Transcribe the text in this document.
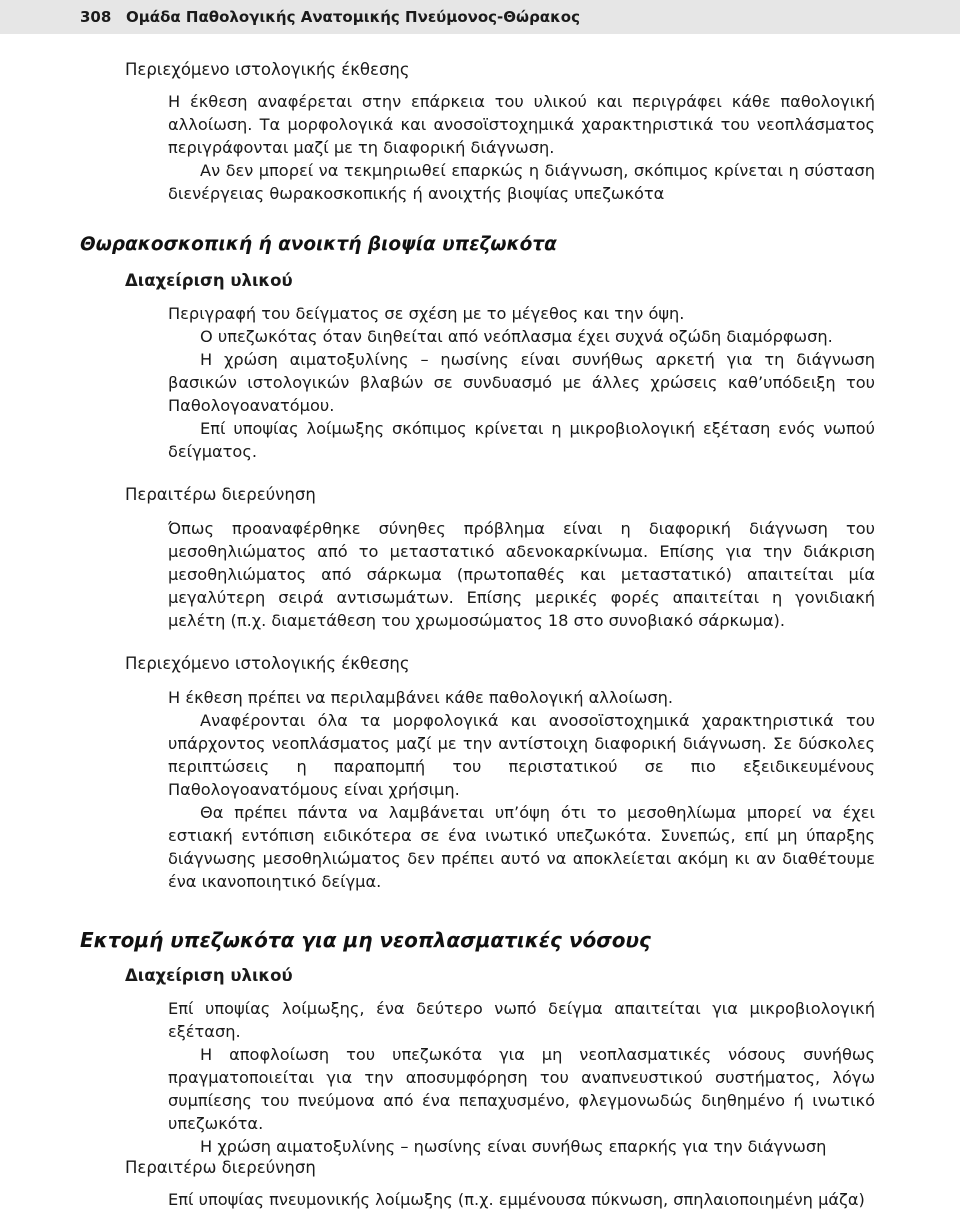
308 Ομάδα Παθολογικής Ανατομικής Πνεύμονος-Θώρακος
Περιεχόμενο ιστολογικής έκθεσης

Η έκθεση αναφέρεται στην επάρκεια του υλικού και περιγράφει κάθε παθολογική αλλοίωση. Τα μορφολογικά και ανοσοϊστοχημικά χαρακτηριστικά του νεοπλάσματος περιγράφονται μαζί με τη διαφορική διάγνωση.

Αν δεν μπορεί να τεκμηριωθεί επαρκώς η διάγνωση, σκόπιμος κρίνεται η σύσταση διενέργειας θωρακοσκοπικής ή ανοιχτής βιοψίας υπεζωκότα

Θωρακοσκοπική ή ανοικτή βιοψία υπεζωκότα
Διαχείριση υλικού

Περιγραφή του δείγματος σε σχέση με το μέγεθος και την όψη.

Ο υπεζωκότας όταν διηθείται από νεόπλασμα έχει συχνά οζώδη διαμόρφωση.

Η χρώση αιματοξυλίνης – ηωσίνης είναι συνήθως αρκετή για τη διάγνωση βασικών ιστολογικών βλαβών σε συνδυασμό με άλλες χρώσεις καθ’υπόδειξη του Παθολογοανατόμου.

Επί υποψίας λοίμωξης σκόπιμος κρίνεται η μικροβιολογική εξέταση ενός νωπού δείγματος.

Περαιτέρω διερεύνηση

Όπως προαναφέρθηκε σύνηθες πρόβλημα είναι η διαφορική διάγνωση του μεσοθηλιώματος από το μεταστατικό αδενοκαρκίνωμα. Επίσης για την διάκριση μεσοθηλιώματος από σάρκωμα (πρωτοπαθές και μεταστατικό) απαιτείται μία μεγαλύτερη σειρά αντισωμάτων. Επίσης μερικές φορές απαιτείται η γονιδιακή μελέτη (π.χ. διαμετάθεση του χρωμοσώματος 18 στο συνοβιακό σάρκωμα).

Περιεχόμενο ιστολογικής έκθεσης

Η έκθεση πρέπει να περιλαμβάνει κάθε παθολογική αλλοίωση.

Αναφέρονται όλα τα μορφολογικά και ανοσοϊστοχημικά χαρακτηριστικά του υπάρχοντος νεοπλάσματος μαζί με την αντίστοιχη διαφορική διάγνωση. Σε δύσκολες περιπτώσεις η παραπομπή του περιστατικού σε πιο εξειδικευμένους Παθολογοανατόμους είναι χρήσιμη.

Θα πρέπει πάντα να λαμβάνεται υπ’όψη ότι το μεσοθηλίωμα μπορεί να έχει εστιακή εντόπιση ειδικότερα σε ένα ινωτικό υπεζωκότα. Συνεπώς, επί μη ύπαρξης διάγνωσης μεσοθηλιώματος δεν πρέπει αυτό να αποκλείεται ακόμη κι αν διαθέτουμε ένα ικανοποιητικό δείγμα.

Εκτομή υπεζωκότα για μη νεοπλασματικές νόσους
Διαχείριση υλικού

Επί υποψίας λοίμωξης, ένα δεύτερο νωπό δείγμα απαιτείται για μικροβιολογική εξέταση.

Η αποφλοίωση του υπεζωκότα για μη νεοπλασματικές νόσους συνήθως πραγματοποιείται για την αποσυμφόρηση του αναπνευστικού συστήματος, λόγω συμπίεσης του πνεύμονα από ένα πεπαχυσμένο, φλεγμονωδώς διηθημένο ή ινωτικό υπεζωκότα.

Η χρώση αιματοξυλίνης – ηωσίνης είναι συνήθως επαρκής για την διάγνωση

Περαιτέρω διερεύνηση

Επί υποψίας πνευμονικής λοίμωξης (π.χ. εμμένουσα πύκνωση, σπηλαιοποιημένη μάζα)
